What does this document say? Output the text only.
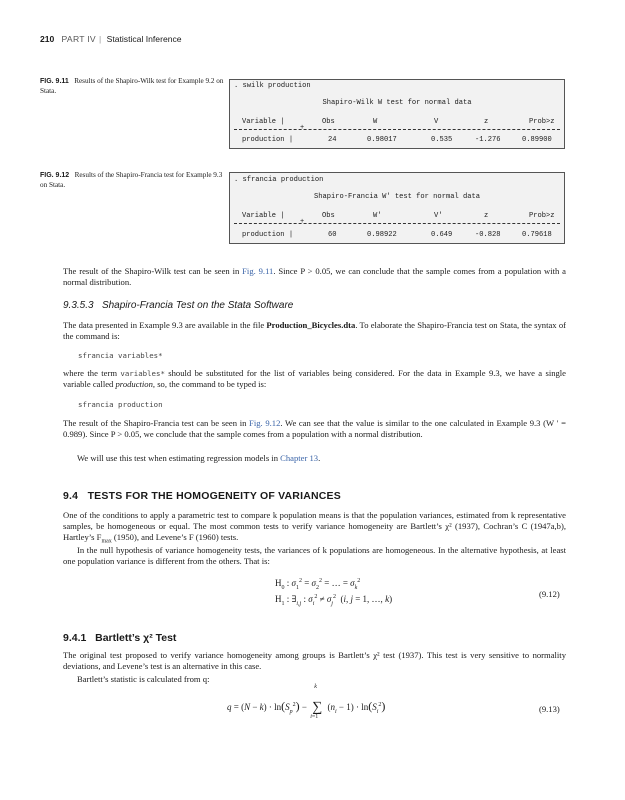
210 PART IV | Statistical Inference
FIG. 9.11 Results of the Shapiro-Wilk test for Example 9.2 on Stata.
. swilk production
Shapiro-Wilk W test for normal data
Variable |	Obs	W	V	z	Prob>z
+
production |	24	0.98017	0.535	-1.276	0.89900
FIG. 9.12 Results of the Shapiro-Francia test for Example 9.3 on Stata.
. sfrancia production
Shapiro-Francia W' test for normal data
Variable |	Obs	W'	V'	z	Prob>z
+
production |	60	0.98922	0.649	-0.828	0.79618
The result of the Shapiro-Wilk test can be seen in Fig. 9.11. Since P > 0.05, we can conclude that the sample comes from a population with a normal distribution.
9.3.5.3 Shapiro-Francia Test on the Stata Software
The data presented in Example 9.3 are available in the file Production_Bicycles.dta. To elaborate the Shapiro-Francia test on Stata, the syntax of the command is:
sfrancia variables*
where the term variables* should be substituted for the list of variables being considered. For the data in Example 9.3, we have a single variable called production, so, the command to be typed is:
sfrancia production
The result of the Shapiro-Francia test can be seen in Fig. 9.12. We can see that the value is similar to the one calculated in Example 9.3 (W ′ = 0.989). Since P > 0.05, we conclude that the sample comes from a population with a normal distribution.
We will use this test when estimating regression models in Chapter 13.
9.4 TESTS FOR THE HOMOGENEITY OF VARIANCES
One of the conditions to apply a parametric test to compare k population means is that the population variances, estimated from k representative samples, be homogeneous or equal. The most common tests to verify variance homogeneity are Bartlett’s χ² (1937), Cochran’s C (1947a,b), Hartley’s $F_{max}$ (1950), and Levene’s F (1960) tests.
In the null hypothesis of variance homogeneity tests, the variances of k populations are homogeneous. In the alternative hypothesis, at least one population variance is different from the others. That is:
$H_0$ : $\sigma_1^2 = \sigma_2^2$ = … = $\sigma_k^2$
$H_1$ : $\exists_{i,j}$ : $\sigma_i^2 \ne \sigma_j^2$  (i, j = 1, …, k)	(9.12)
9.4.1 Bartlett’s χ² Test
The original test proposed to verify variance homogeneity among groups is Bartlett’s χ² test (1937). This test is very sensitive to normality deviations, and Levene’s test is an alternative in this case.
Bartlett’s statistic is calculated from q:
$q = (N - k) \cdot \ln(S_p^2)$ −
k
∑
i=1
$(n_i - 1) \cdot \ln(S_i^2)$	(9.13)
